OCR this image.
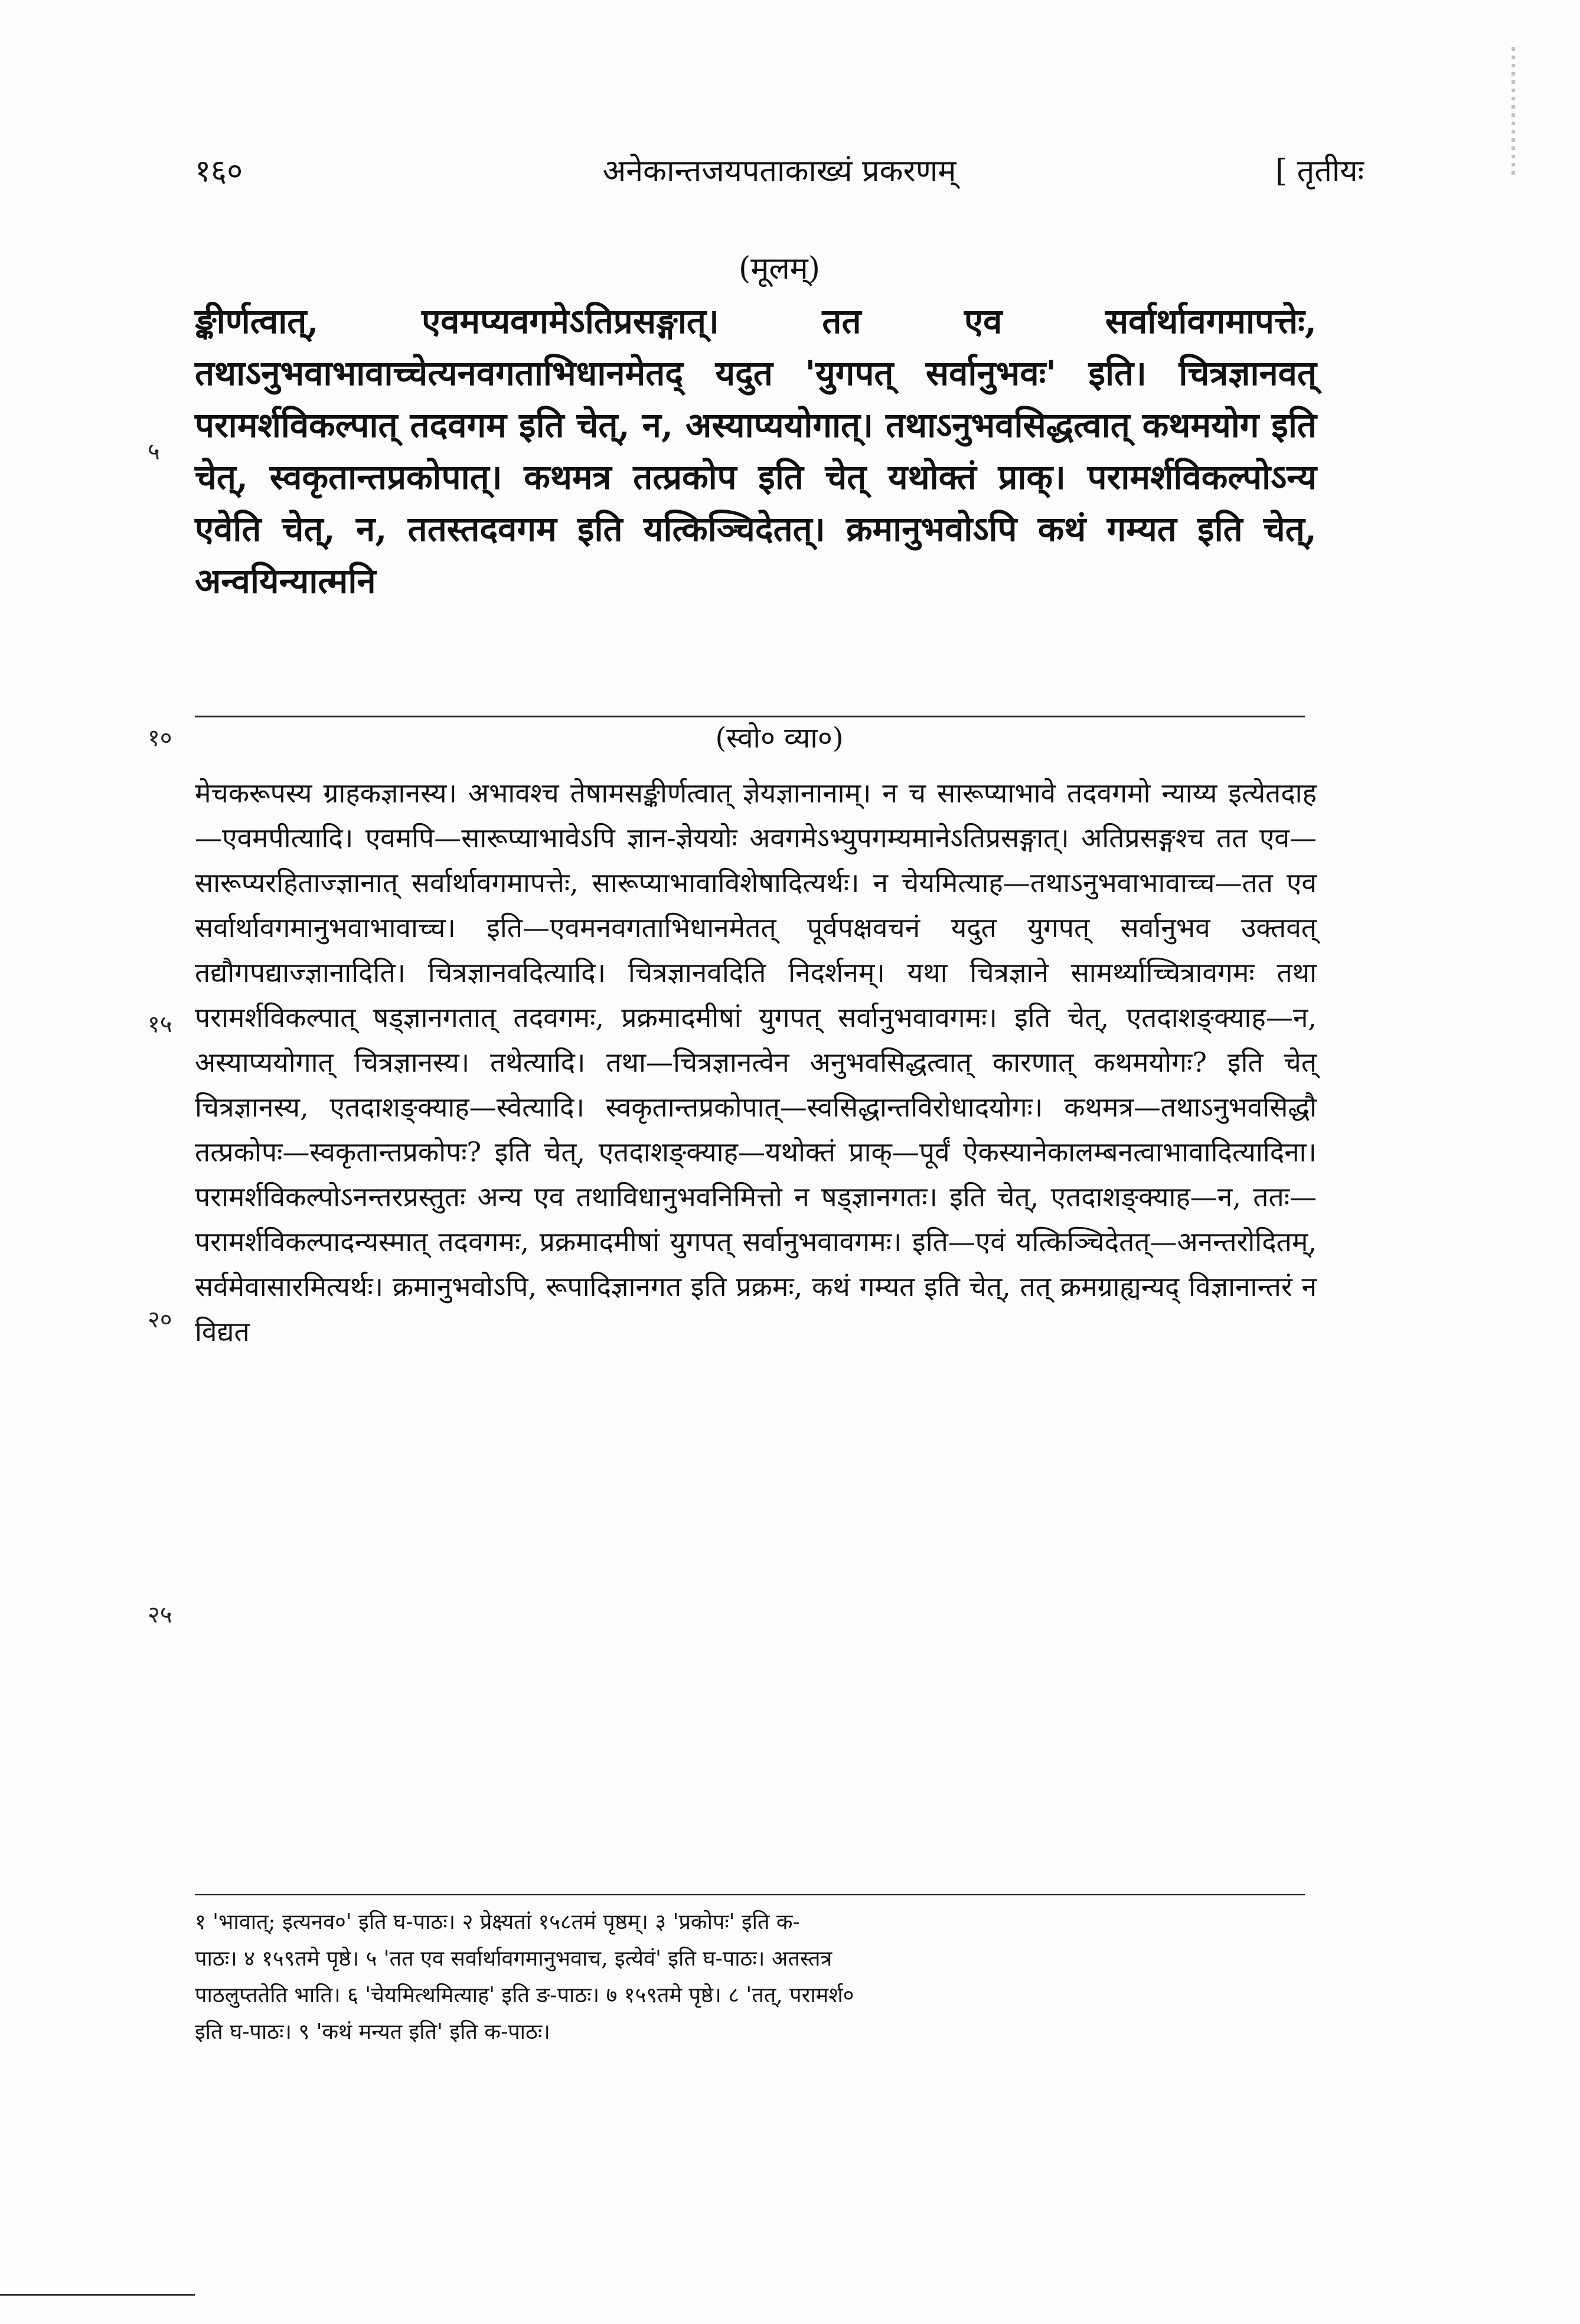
१६०	अनेकान्तजयपताकाख्यं प्रकरणम्	[ तृतीयः
(मूलम्)

ङ्कीर्णत्वात्, एवमप्यवगमेऽतिप्रसङ्गात्। तत एव सर्वार्थावगमापत्तेः, तथाऽनुभवाभावाच्चेत्यनवगताभिधानमेतद् यदुत 'युगपत् सर्वानुभवः' इति। चित्रज्ञानवत् परामर्शविकल्पात् तदवगम इति चेत्, न, अस्याप्ययोगात्। तथाऽनुभवसिद्धत्वात् कथमयोग इति चेत्, स्वकृतान्तप्रकोपात्। कथमत्र तत्प्रकोप इति चेत् यथोक्तं प्राक्। परामर्शविकल्पोऽन्य एवेति चेत्, न, ततस्तदवगम इति यत्किञ्चिदेतत्। क्रमानुभवोऽपि कथं गम्यत इति चेत्, अन्वयिन्यात्मनि

५
१०	(स्वो० व्या०)

मेचकरूपस्य ग्राहकज्ञानस्य। अभावश्च तेषामसङ्कीर्णत्वात् ज्ञेयज्ञानानाम्। न च सारूप्याभावे तदवगमो न्याय्य इत्येतदाह—एवमपीत्यादि। एवमपि—सारूप्याभावेऽपि ज्ञान-ज्ञेययोः अवगमेऽभ्युपगम्यमानेऽतिप्रसङ्गात्। अतिप्रसङ्गश्च तत एव—सारूप्यरहिताज्ज्ञानात् सर्वार्थावगमापत्तेः, सारूप्याभावाविशेषादित्यर्थः। न चेयमित्याह—तथाऽनुभवाभावाच्च—तत एव सर्वार्थावगमानुभवाभावाच्च। इति—एवमनवगताभिधानमेतत् पूर्वपक्षवचनं यदुत युगपत् सर्वानुभव उक्तवत् तद्यौगपद्याज्ज्ञानादिति। चित्रज्ञानवदित्यादि। चित्रज्ञानवदिति निदर्शनम्। यथा चित्रज्ञाने सामर्थ्याच्चित्रावगमः तथा परामर्शविकल्पात् षड्ज्ञानगतात् तदवगमः, प्रक्रमादमीषां युगपत् सर्वानुभवावगमः। इति चेत्, एतदाशङ्क्याह—न, अस्याप्ययोगात् चित्रज्ञानस्य। तथेत्यादि। तथा—चित्रज्ञानत्वेन अनुभवसिद्धत्वात् कारणात् कथमयोगः? इति चेत् चित्रज्ञानस्य, एतदाशङ्क्याह—स्वेत्यादि। स्वकृतान्तप्रकोपात्—स्वसिद्धान्तविरोधादयोगः। कथमत्र—तथाऽनुभवसिद्धौ तत्प्रकोपः—स्वकृतान्तप्रकोपः? इति चेत्, एतदाशङ्क्याह—यथोक्तं प्राक्—पूर्वं ऐकस्यानेकालम्बनत्वाभावादित्यादिना। परामर्शविकल्पोऽनन्तरप्रस्तुतः अन्य एव तथाविधानुभवनिमित्तो न षड्ज्ञानगतः। इति चेत्, एतदाशङ्क्याह—न, ततः—परामर्शविकल्पादन्यस्मात् तदवगमः, प्रक्रमादमीषां युगपत् सर्वानुभवावगमः। इति—एवं यत्किञ्चिदेतत्—अनन्तरोदितम्, सर्वमेवासारमित्यर्थः। क्रमानुभवोऽपि, रूपादिज्ञानगत इति प्रक्रमः, कथं गम्यत इति चेत्, तत् क्रमग्राह्यन्यद् विज्ञानान्तरं न विद्यत

१५
२०
२५

१ 'भावात्; इत्यनव०' इति घ-पाठः। २ प्रेक्ष्यतां १५८तमं पृष्ठम्। ३ 'प्रकोपः' इति क-

पाठः। ४ १५९तमे पृष्ठे। ५ 'तत एव सर्वार्थावगमानुभवाच, इत्येवं' इति घ-पाठः। अतस्तत्र

पाठलुप्ततेति भाति। ६ 'चेयमित्थमित्याह' इति ङ-पाठः। ७ १५९तमे पृष्ठे। ८ 'तत्, परामर्श०

इति घ-पाठः। ९ 'कथं मन्यत इति' इति क-पाठः।
